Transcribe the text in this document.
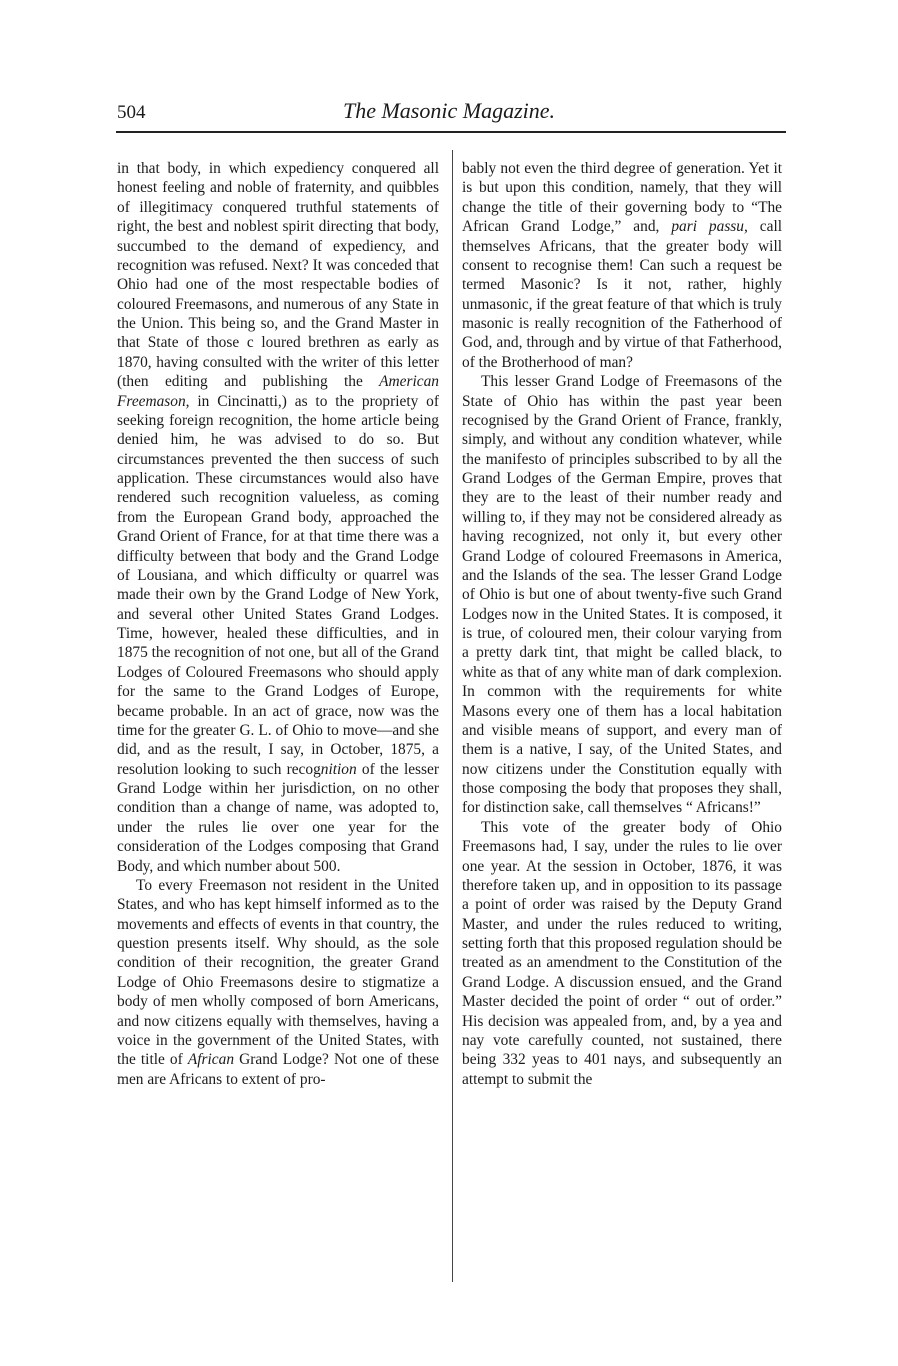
504	The Masonic Magazine.

in that body, in which expediency conquered all honest feeling and noble of fraternity, and quibbles of illegitimacy conquered truthful statements of right, the best and noblest spirit directing that body, succumbed to the demand of expediency, and recognition was refused. Next? It was conceded that Ohio had one of the most respectable bodies of coloured Freemasons, and numerous of any State in the Union. This being so, and the Grand Master in that State of those c loured brethren as early as 1870, having consulted with the writer of this letter (then editing and publishing the American Freemason, in Cincinatti,) as to the propriety of seeking foreign recognition, the home article being denied him, he was advised to do so. But circumstances prevented the then success of such application. These circumstances would also have rendered such recognition valueless, as coming from the European Grand body, approached the Grand Orient of France, for at that time there was a difficulty between that body and the Grand Lodge of Lousiana, and which difficulty or quarrel was made their own by the Grand Lodge of New York, and several other United States Grand Lodges. Time, however, healed these difficulties, and in 1875 the recognition of not one, but all of the Grand Lodges of Coloured Freemasons who should apply for the same to the Grand Lodges of Europe, became probable. In an act of grace, now was the time for the greater G. L. of Ohio to move—and she did, and as the result, I say, in October, 1875, a resolution looking to such recognition of the lesser Grand Lodge within her jurisdiction, on no other condition than a change of name, was adopted to, under the rules lie over one year for the consideration of the Lodges composing that Grand Body, and which number about 500.

To every Freemason not resident in the United States, and who has kept himself informed as to the movements and effects of events in that country, the question presents itself. Why should, as the sole condition of their recognition, the greater Grand Lodge of Ohio Freemasons desire to stigmatize a body of men wholly composed of born Americans, and now citizens equally with themselves, having a voice in the government of the United States, with the title of African Grand Lodge? Not one of these men are Africans to extent of pro-

bably not even the third degree of generation. Yet it is but upon this condition, namely, that they will change the title of their governing body to “The African Grand Lodge,” and, pari passu, call themselves Africans, that the greater body will consent to recognise them! Can such a request be termed Masonic? Is it not, rather, highly unmasonic, if the great feature of that which is truly masonic is really recognition of the Fatherhood of God, and, through and by virtue of that Fatherhood, of the Brotherhood of man?

This lesser Grand Lodge of Freemasons of the State of Ohio has within the past year been recognised by the Grand Orient of France, frankly, simply, and without any condition whatever, while the manifesto of principles subscribed to by all the Grand Lodges of the German Empire, proves that they are to the least of their number ready and willing to, if they may not be considered already as having recognized, not only it, but every other Grand Lodge of coloured Freemasons in America, and the Islands of the sea. The lesser Grand Lodge of Ohio is but one of about twenty-five such Grand Lodges now in the United States. It is composed, it is true, of coloured men, their colour varying from a pretty dark tint, that might be called black, to white as that of any white man of dark complexion. In common with the requirements for white Masons every one of them has a local habitation and visible means of support, and every man of them is a native, I say, of the United States, and now citizens under the Constitution equally with those composing the body that proposes they shall, for distinction sake, call themselves “ Africans!”

This vote of the greater body of Ohio Freemasons had, I say, under the rules to lie over one year. At the session in October, 1876, it was therefore taken up, and in opposition to its passage a point of order was raised by the Deputy Grand Master, and under the rules reduced to writing, setting forth that this proposed regulation should be treated as an amendment to the Constitution of the Grand Lodge. A discussion ensued, and the Grand Master decided the point of order “ out of order.” His decision was appealed from, and, by a yea and nay vote carefully counted, not sustained, there being 332 yeas to 401 nays, and subsequently an attempt to submit the
